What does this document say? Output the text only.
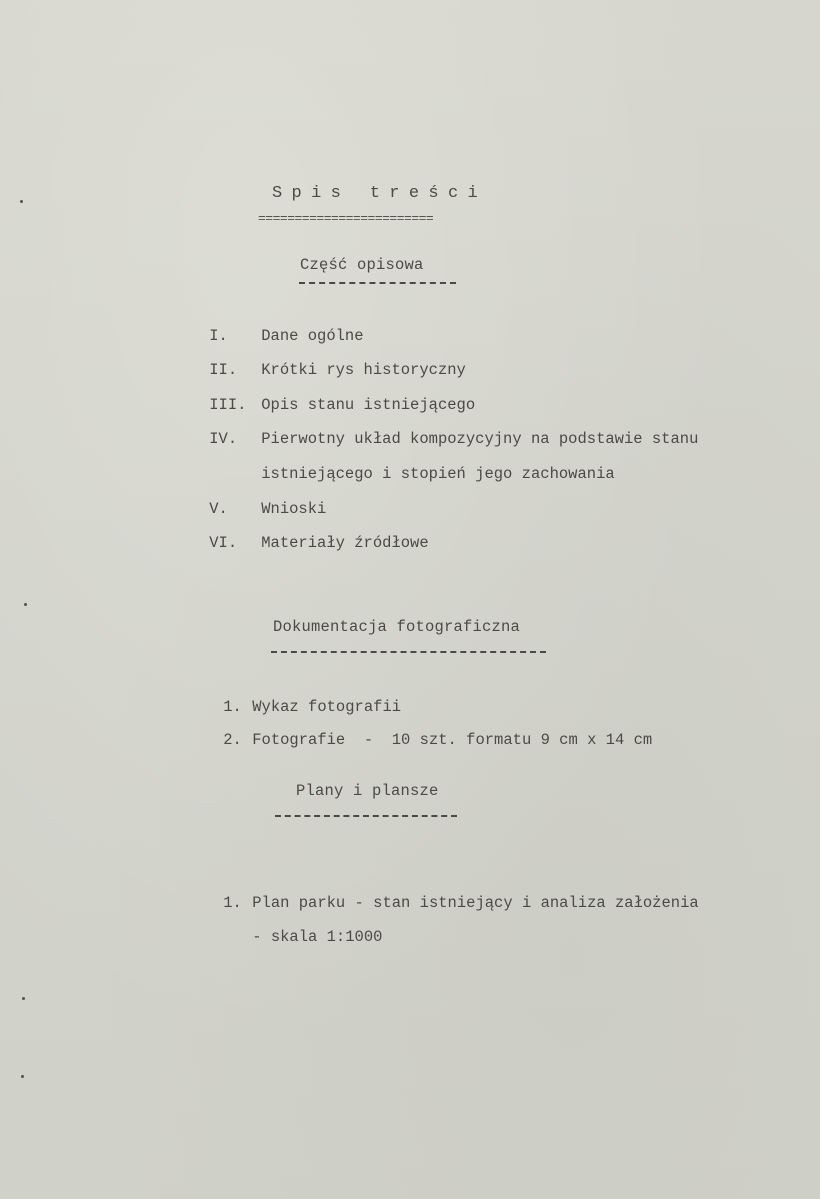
Spis treści
========================
Część opisowa

I. Dane ogólne

II. Krótki rys historyczny

III. Opis stanu istniejącego

IV. Pierwotny układ kompozycyjny na podstawie stanu

istniejącego i stopień jego zachowania

V. Wnioski

VI. Materiały źródłowe

Dokumentacja fotograficzna

1. Wykaz fotografii

2. Fotografie  -  10 szt. formatu 9 cm x 14 cm

Plany i plansze

1. Plan parku - stan istniejący i analiza założenia

- skala 1:1000
